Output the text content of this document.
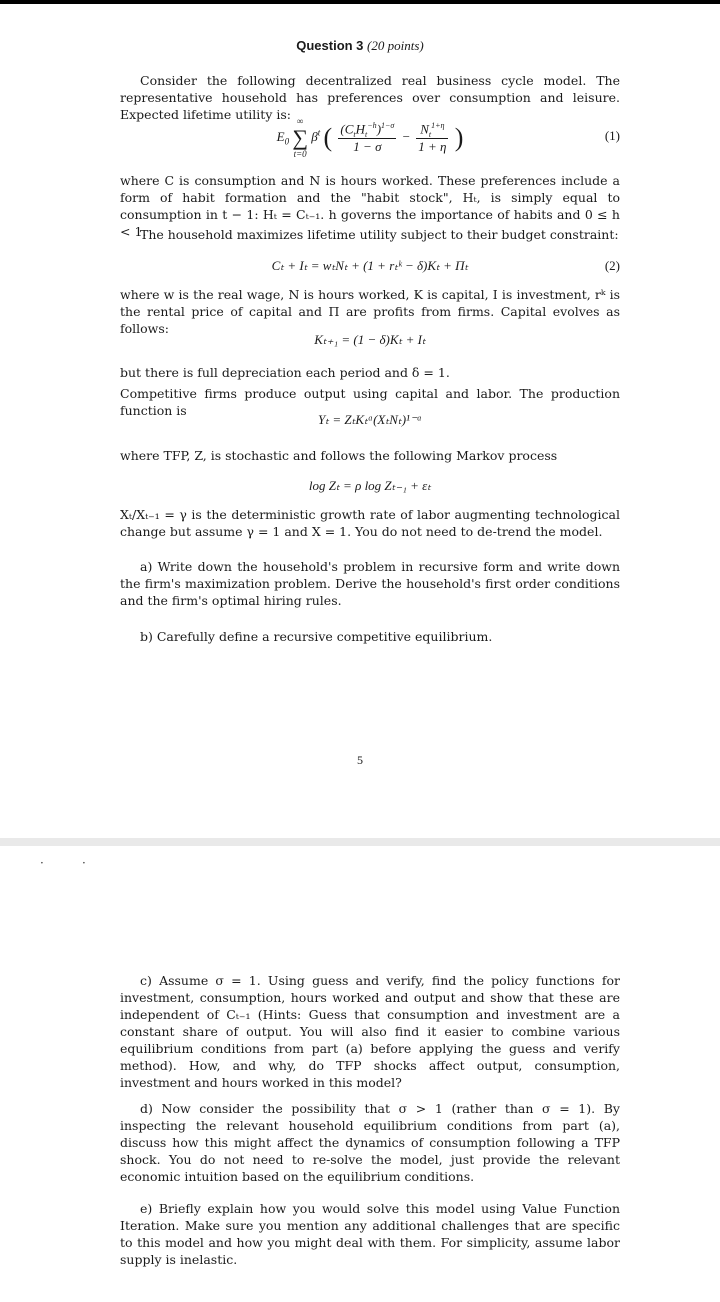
Question 3 (20 points)
Consider the following decentralized real business cycle model. The representative household has preferences over consumption and leisure. Expected lifetime utility is:
$E_0$
∞
∑
t=0
$\beta^t$ ( $\frac{(C_tH_t^{-h})^{1-\sigma}}{1 - \sigma} - \frac{N_t^{1+\eta}}{1 + \eta}$ )	(1)
where C is consumption and N is hours worked. These preferences include a form of habit formation and the "habit stock", Hₜ, is simply equal to consumption in t − 1: Hₜ = Cₜ₋₁. h governs the importance of habits and 0 ≤ h < 1.
The household maximizes lifetime utility subject to their budget constraint:
Cₜ + Iₜ = wₜNₜ + (1 + rₜᵏ − δ)Kₜ + Πₜ	(2)
where w is the real wage, N is hours worked, K is capital, I is investment, rᵏ is the rental price of capital and Π are profits from firms. Capital evolves as follows:
Kₜ₊₁ = (1 − δ)Kₜ + Iₜ
but there is full depreciation each period and δ = 1.
Competitive firms produce output using capital and labor. The production function is
Yₜ = ZₜKₜᵅ(XₜNₜ)¹⁻ᵅ
where TFP, Z, is stochastic and follows the following Markov process
log Zₜ = ρ log Zₜ₋₁ + εₜ
Xₜ/Xₜ₋₁ = γ is the deterministic growth rate of labor augmenting technological change but assume γ = 1 and X = 1. You do not need to de-trend the model.
a) Write down the household's problem in recursive form and write down the firm's maximization problem. Derive the household's first order conditions and the firm's optimal hiring rules.
b) Carefully define a recursive competitive equilibrium.
5
c) Assume σ = 1. Using guess and verify, find the policy functions for investment, consumption, hours worked and output and show that these are independent of Cₜ₋₁ (Hints: Guess that consumption and investment are a constant share of output. You will also find it easier to combine various equilibrium conditions from part (a) before applying the guess and verify method). How, and why, do TFP shocks affect output, consumption, investment and hours worked in this model?
d) Now consider the possibility that σ > 1 (rather than σ = 1). By inspecting the relevant household equilibrium conditions from part (a), discuss how this might affect the dynamics of consumption following a TFP shock. You do not need to re-solve the model, just provide the relevant economic intuition based on the equilibrium conditions.
e) Briefly explain how you would solve this model using Value Function Iteration. Make sure you mention any additional challenges that are specific to this model and how you might deal with them. For simplicity, assume labor supply is inelastic.
·	·
